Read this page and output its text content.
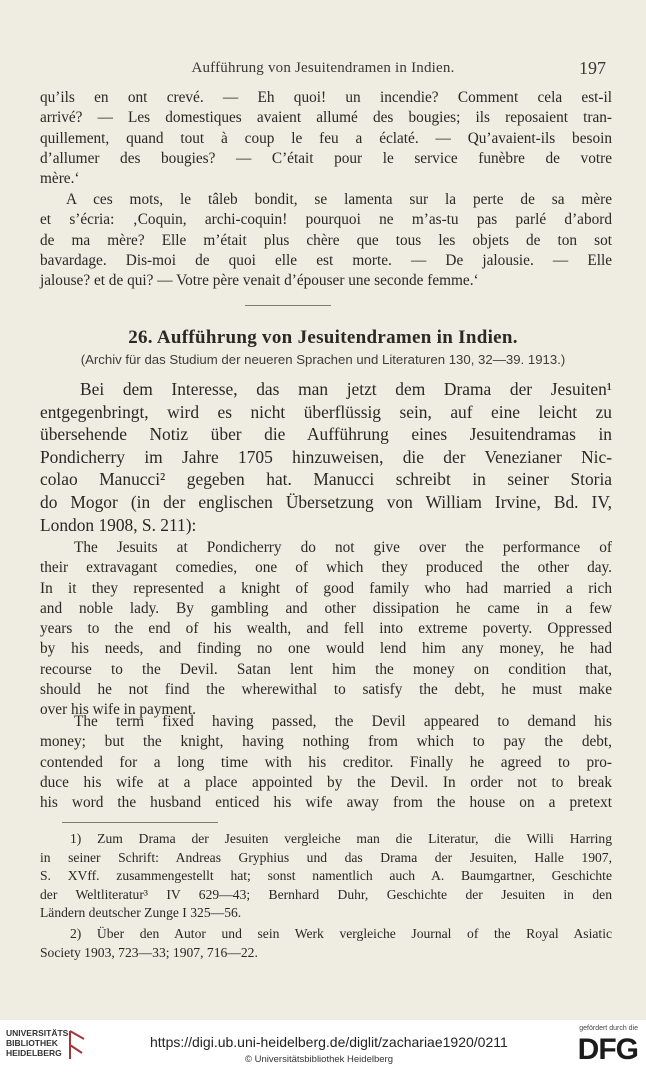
Aufführung von Jesuitendramen in Indien.	197
qu’ils en ont crevé. — Eh quoi! un incendie? Comment cela est-il
arrivé? — Les domestiques avaient allumé des bougies; ils reposaient tran-
quillement, quand tout à coup le feu a éclaté. — Qu’avaient-ils besoin
d’allumer des bougies? — C’était pour le service funèbre de votre
mère.‘
A ces mots, le tâleb bondit, se lamenta sur la perte de sa mère
et s’écria: ‚Coquin, archi-coquin! pourquoi ne m’as-tu pas parlé d’abord
de ma mère? Elle m’était plus chère que tous les objets de ton sot
bavardage. Dis-moi de quoi elle est morte. — De jalousie. — Elle
jalouse? et de qui? — Votre père venait d’épouser une seconde femme.‘
26. Aufführung von Jesuitendramen in Indien.
(Archiv für das Studium der neueren Sprachen und Literaturen 130, 32—39. 1913.)
Bei dem Interesse, das man jetzt dem Drama der Jesuiten¹
entgegenbringt, wird es nicht überflüssig sein, auf eine leicht zu
übersehende Notiz über die Aufführung eines Jesuitendramas in
Pondicherry im Jahre 1705 hinzuweisen, die der Venezianer Nic-
colao Manucci² gegeben hat. Manucci schreibt in seiner Storia
do Mogor (in der englischen Übersetzung von William Irvine, Bd. IV,
London 1908, S. 211):
The Jesuits at Pondicherry do not give over the performance of
their extravagant comedies, one of which they produced the other day.
In it they represented a knight of good family who had married a rich
and noble lady. By gambling and other dissipation he came in a few
years to the end of his wealth, and fell into extreme poverty. Oppressed
by his needs, and finding no one would lend him any money, he had
recourse to the Devil. Satan lent him the money on condition that,
should he not find the wherewithal to satisfy the debt, he must make
over his wife in payment.
The term fixed having passed, the Devil appeared to demand his
money; but the knight, having nothing from which to pay the debt,
contended for a long time with his creditor. Finally he agreed to pro-
duce his wife at a place appointed by the Devil. In order not to break
his word the husband enticed his wife away from the house on a pretext
1) Zum Drama der Jesuiten vergleiche man die Literatur, die Willi Harring
in seiner Schrift: Andreas Gryphius und das Drama der Jesuiten, Halle 1907,
S. XVff. zusammengestellt hat; sonst namentlich auch A. Baumgartner, Geschichte
der Weltliteratur³ IV 629—43; Bernhard Duhr, Geschichte der Jesuiten in den
Ländern deutscher Zunge I 325—56.
2) Über den Autor und sein Werk vergleiche Journal of the Royal Asiatic
Society 1903, 723—33; 1907, 716—22.
UNIVERSITÄTS-
BIBLIOTHEK
HEIDELBERG
https://digi.ub.uni-heidelberg.de/diglit/zachariae1920/0211
© Universitätsbibliothek Heidelberg
gefördert durch die
DFG
